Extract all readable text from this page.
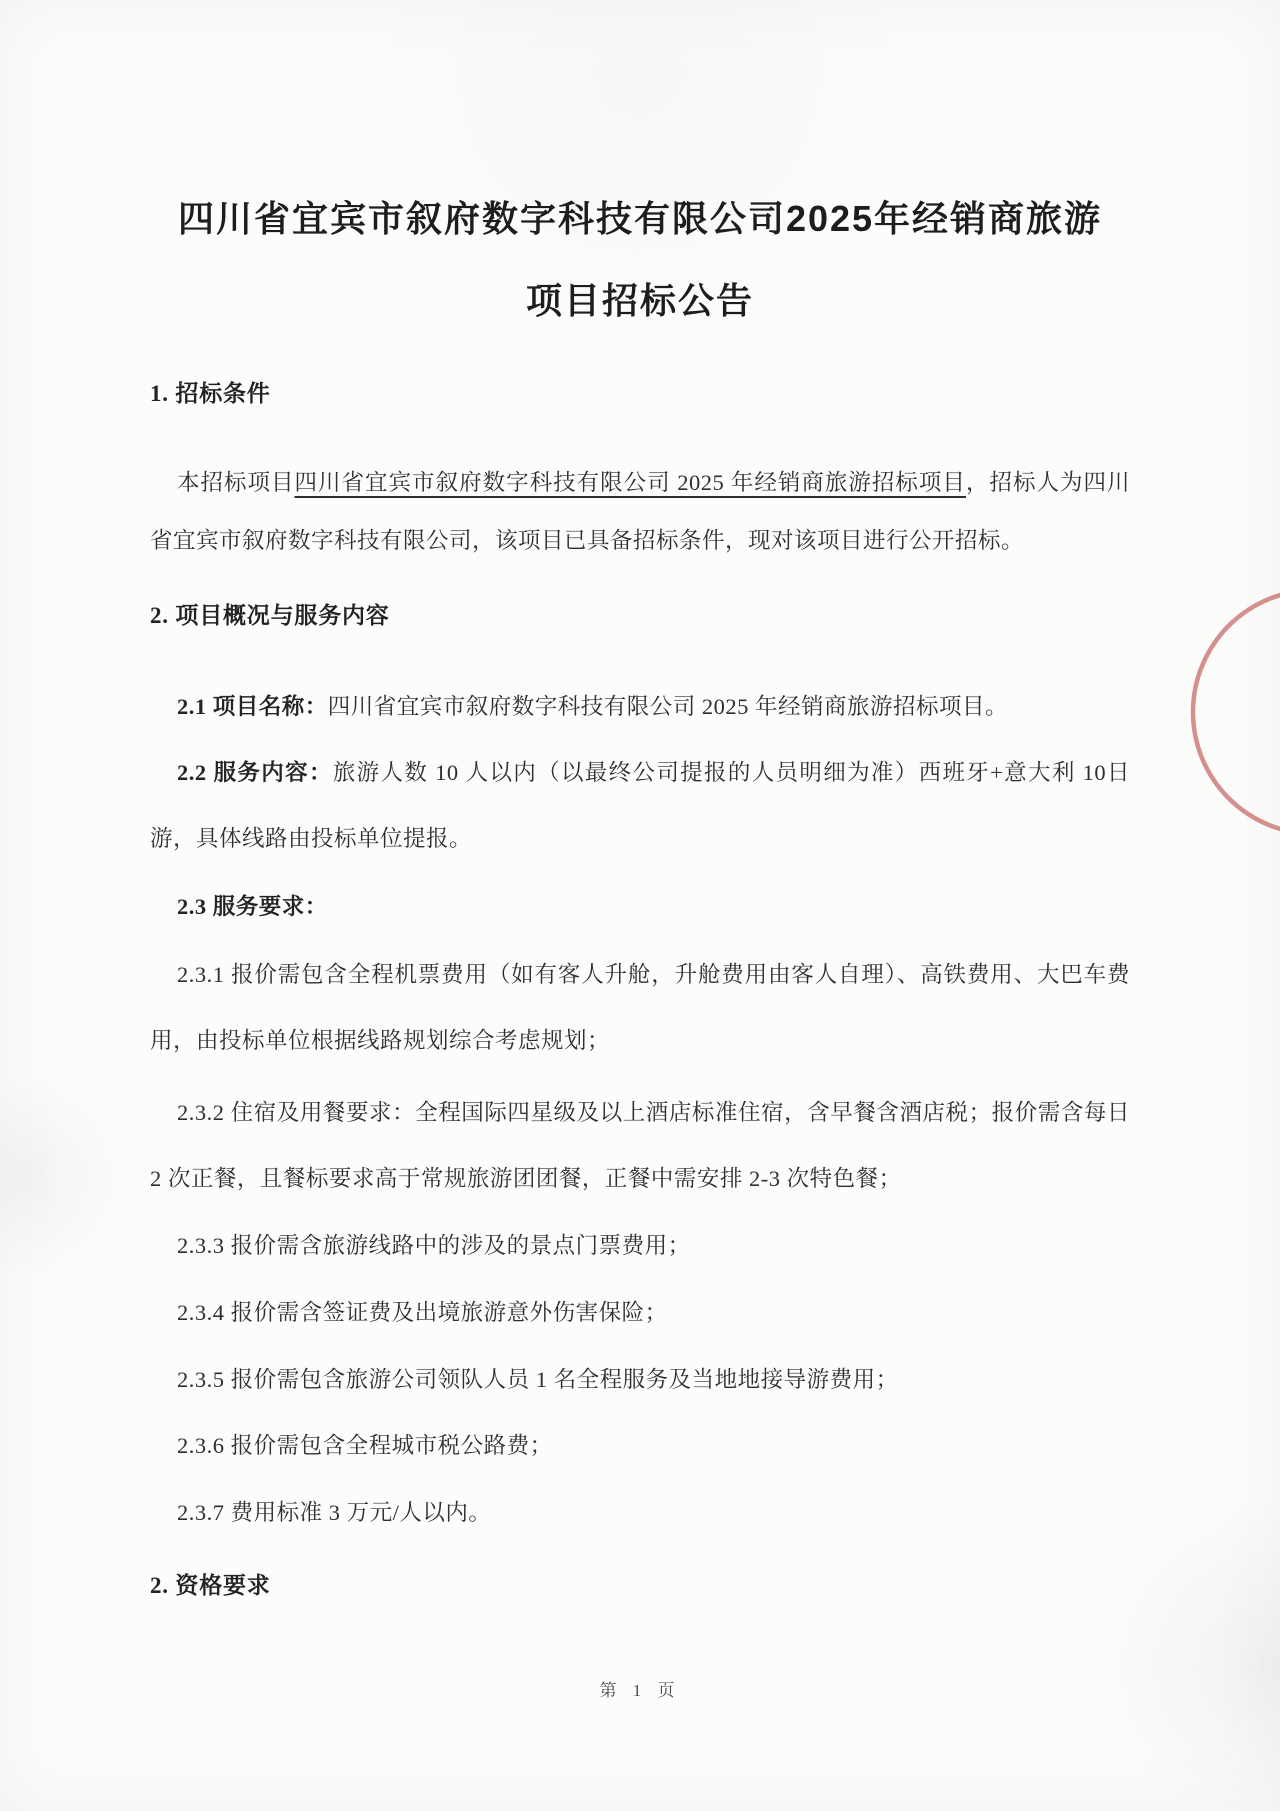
四川省宜宾市叙府数字科技有限公司2025年经销商旅游
项目招标公告
1. 招标条件

本招标项目四川省宜宾市叙府数字科技有限公司 2025 年经销商旅游招标项目，招标人为四川省宜宾市叙府数字科技有限公司，该项目已具备招标条件，现对该项目进行公开招标。

2. 项目概况与服务内容

2.1 项目名称：四川省宜宾市叙府数字科技有限公司 2025 年经销商旅游招标项目。

2.2 服务内容：旅游人数 10 人以内（以最终公司提报的人员明细为准）西班牙+意大利 10日游，具体线路由投标单位提报。

2.3 服务要求：

2.3.1 报价需包含全程机票费用（如有客人升舱，升舱费用由客人自理）、高铁费用、大巴车费用，由投标单位根据线路规划综合考虑规划；

2.3.2 住宿及用餐要求：全程国际四星级及以上酒店标准住宿，含早餐含酒店税；报价需含每日 2 次正餐，且餐标要求高于常规旅游团团餐，正餐中需安排 2-3 次特色餐；

2.3.3 报价需含旅游线路中的涉及的景点门票费用；

2.3.4 报价需含签证费及出境旅游意外伤害保险；

2.3.5 报价需包含旅游公司领队人员 1 名全程服务及当地地接导游费用；

2.3.6 报价需包含全程城市税公路费；

2.3.7 费用标准 3 万元/人以内。

2. 资格要求
第 1 页
